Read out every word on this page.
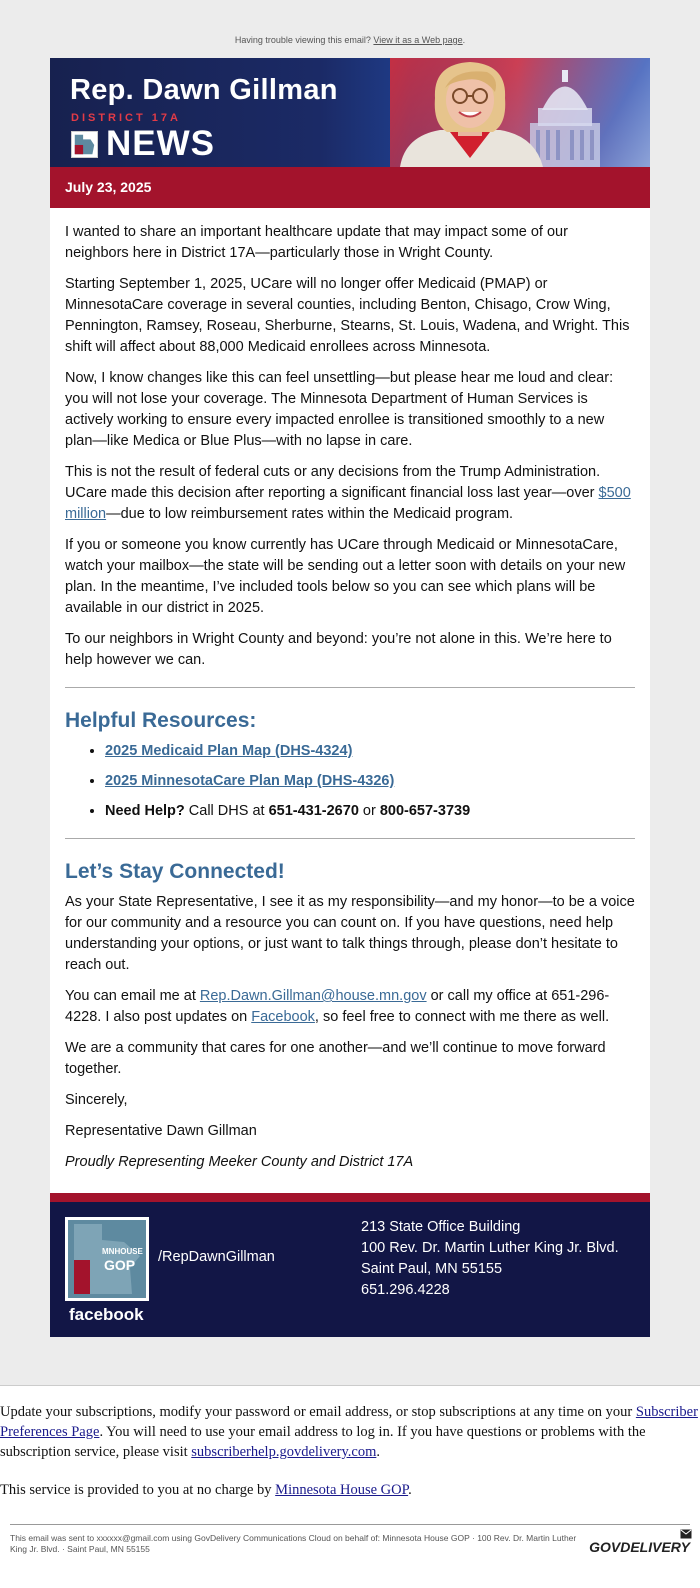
Having trouble viewing this email? View it as a Web page.
Rep. Dawn Gillman
DISTRICT 17A
NEWS
July 23, 2025

I wanted to share an important healthcare update that may impact some of our neighbors here in District 17A—particularly those in Wright County.

Starting September 1, 2025, UCare will no longer offer Medicaid (PMAP) or MinnesotaCare coverage in several counties, including Benton, Chisago, Crow Wing, Pennington, Ramsey, Roseau, Sherburne, Stearns, St. Louis, Wadena, and Wright. This shift will affect about 88,000 Medicaid enrollees across Minnesota.

Now, I know changes like this can feel unsettling—but please hear me loud and clear: you will not lose your coverage. The Minnesota Department of Human Services is actively working to ensure every impacted enrollee is transitioned smoothly to a new plan—like Medica or Blue Plus—with no lapse in care.

This is not the result of federal cuts or any decisions from the Trump Administration. UCare made this decision after reporting a significant financial loss last year—over $500 million—due to low reimbursement rates within the Medicaid program.

If you or someone you know currently has UCare through Medicaid or MinnesotaCare, watch your mailbox—the state will be sending out a letter soon with details on your new plan. In the meantime, I’ve included tools below so you can see which plans will be available in our district in 2025.

To our neighbors in Wright County and beyond: you’re not alone in this. We’re here to help however we can.

Helpful Resources:
• 2025 Medicaid Plan Map (DHS-4324)
• 2025 MinnesotaCare Plan Map (DHS-4326)
• Need Help? Call DHS at 651-431-2670 or 800-657-3739
Let’s Stay Connected!

As your State Representative, I see it as my responsibility—and my honor—to be a voice for our community and a resource you can count on. If you have questions, need help understanding your options, or just want to talk things through, please don’t hesitate to reach out.

You can email me at Rep.Dawn.Gillman@house.mn.gov or call my office at 651-296-4228. I also post updates on Facebook, so feel free to connect with me there as well.

We are a community that cares for one another—and we’ll continue to move forward together.

Sincerely,

Representative Dawn Gillman

Proudly Representing Meeker County and District 17A

MNHOUSE
GOP
facebook
/RepDawnGillman
213 State Office Building
100 Rev. Dr. Martin Luther King Jr. Blvd.
Saint Paul, MN 55155
651.296.4228

Update your subscriptions, modify your password or email address, or stop subscriptions at any time on your Subscriber Preferences Page. You will need to use your email address to log in. If you have questions or problems with the subscription service, please visit subscriberhelp.govdelivery.com.

This service is provided to you at no charge by Minnesota House GOP.

This email was sent to xxxxxx@gmail.com using GovDelivery Communications Cloud on behalf of: Minnesota House GOP · 100 Rev. Dr. Martin Luther King Jr. Blvd. · Saint Paul, MN 55155	GOVDELIVERY
